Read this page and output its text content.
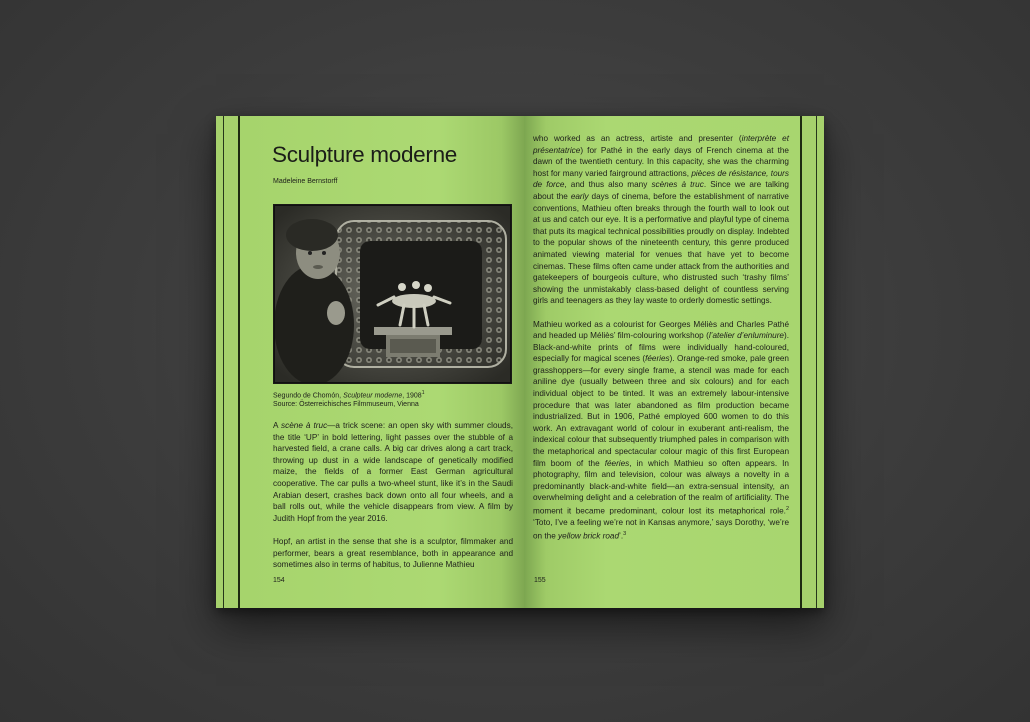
Sculpture moderne
Madeleine Bernstorff
Segundo de Chomón, Sculpteur moderne, 1908$^1$
Source: Österreichisches Filmmuseum, Vienna

A scène à truc—a trick scene: an open sky with summer clouds, the title ‘UP’ in bold lettering, light passes over the stubble of a harvested field, a crane calls. A big car drives along a cart track, throwing up dust in a wide landscape of genetically modified maize, the fields of a former East German agricultural cooperative. The car pulls a two-wheel stunt, like it’s in the Saudi Arabian desert, crashes back down onto all four wheels, and a ball rolls out, while the vehicle disappears from view. A film by Judith Hopf from the year 2016.

Hopf, an artist in the sense that she is a sculptor, filmmaker and performer, bears a great resemblance, both in appearance and sometimes also in terms of habitus, to Julienne Mathieu

154

who worked as an actress, artiste and presenter (interprète et présentatrice) for Pathé in the early days of French cinema at the dawn of the twentieth century. In this capacity, she was the charming host for many varied fairground attractions, pièces de résistance, tours de force, and thus also many scènes à truc. Since we are talking about the early days of cinema, before the establishment of narrative conventions, Mathieu often breaks through the fourth wall to look out at us and catch our eye. It is a performative and playful type of cinema that puts its magical technical possibilities proudly on display. Indebted to the popular shows of the nineteenth century, this genre produced animated viewing material for venues that have yet to become cinemas. These films often came under attack from the authorities and gatekeepers of bourgeois culture, who distrusted such ‘trashy films’ showing the unmistakably class-based delight of countless serving girls and teenagers as they lay waste to orderly domestic settings.

Mathieu worked as a colourist for Georges Méliès and Charles Pathé and headed up Méliès’ film-colouring workshop (l’atelier d’enluminure). Black-and-white prints of films were individually hand-coloured, especially for magical scenes (féeries). Orange-red smoke, pale green grasshoppers—for every single frame, a stencil was made for each aniline dye (usually between three and six colours) and for each individual object to be tinted. It was an extremely labour-intensive procedure that was later abandoned as film production became industrialized. But in 1906, Pathé employed 600 women to do this work. An extravagant world of colour in exuberant anti-realism, the indexical colour that subsequently triumphed pales in comparison with the metaphorical and spectacular colour magic of this first European film boom of the féeries, in which Mathieu so often appears. In photography, film and television, colour was always a novelty in a predominantly black-and-white field—an extra-sensual intensity, an overwhelming delight and a celebration of the realm of artificiality. The moment it became predominant, colour lost its metaphorical role.$^2$ ‘Toto, I’ve a feeling we’re not in Kansas anymore,’ says Dorothy, ‘we’re on the yellow brick road’.$^3$

155
